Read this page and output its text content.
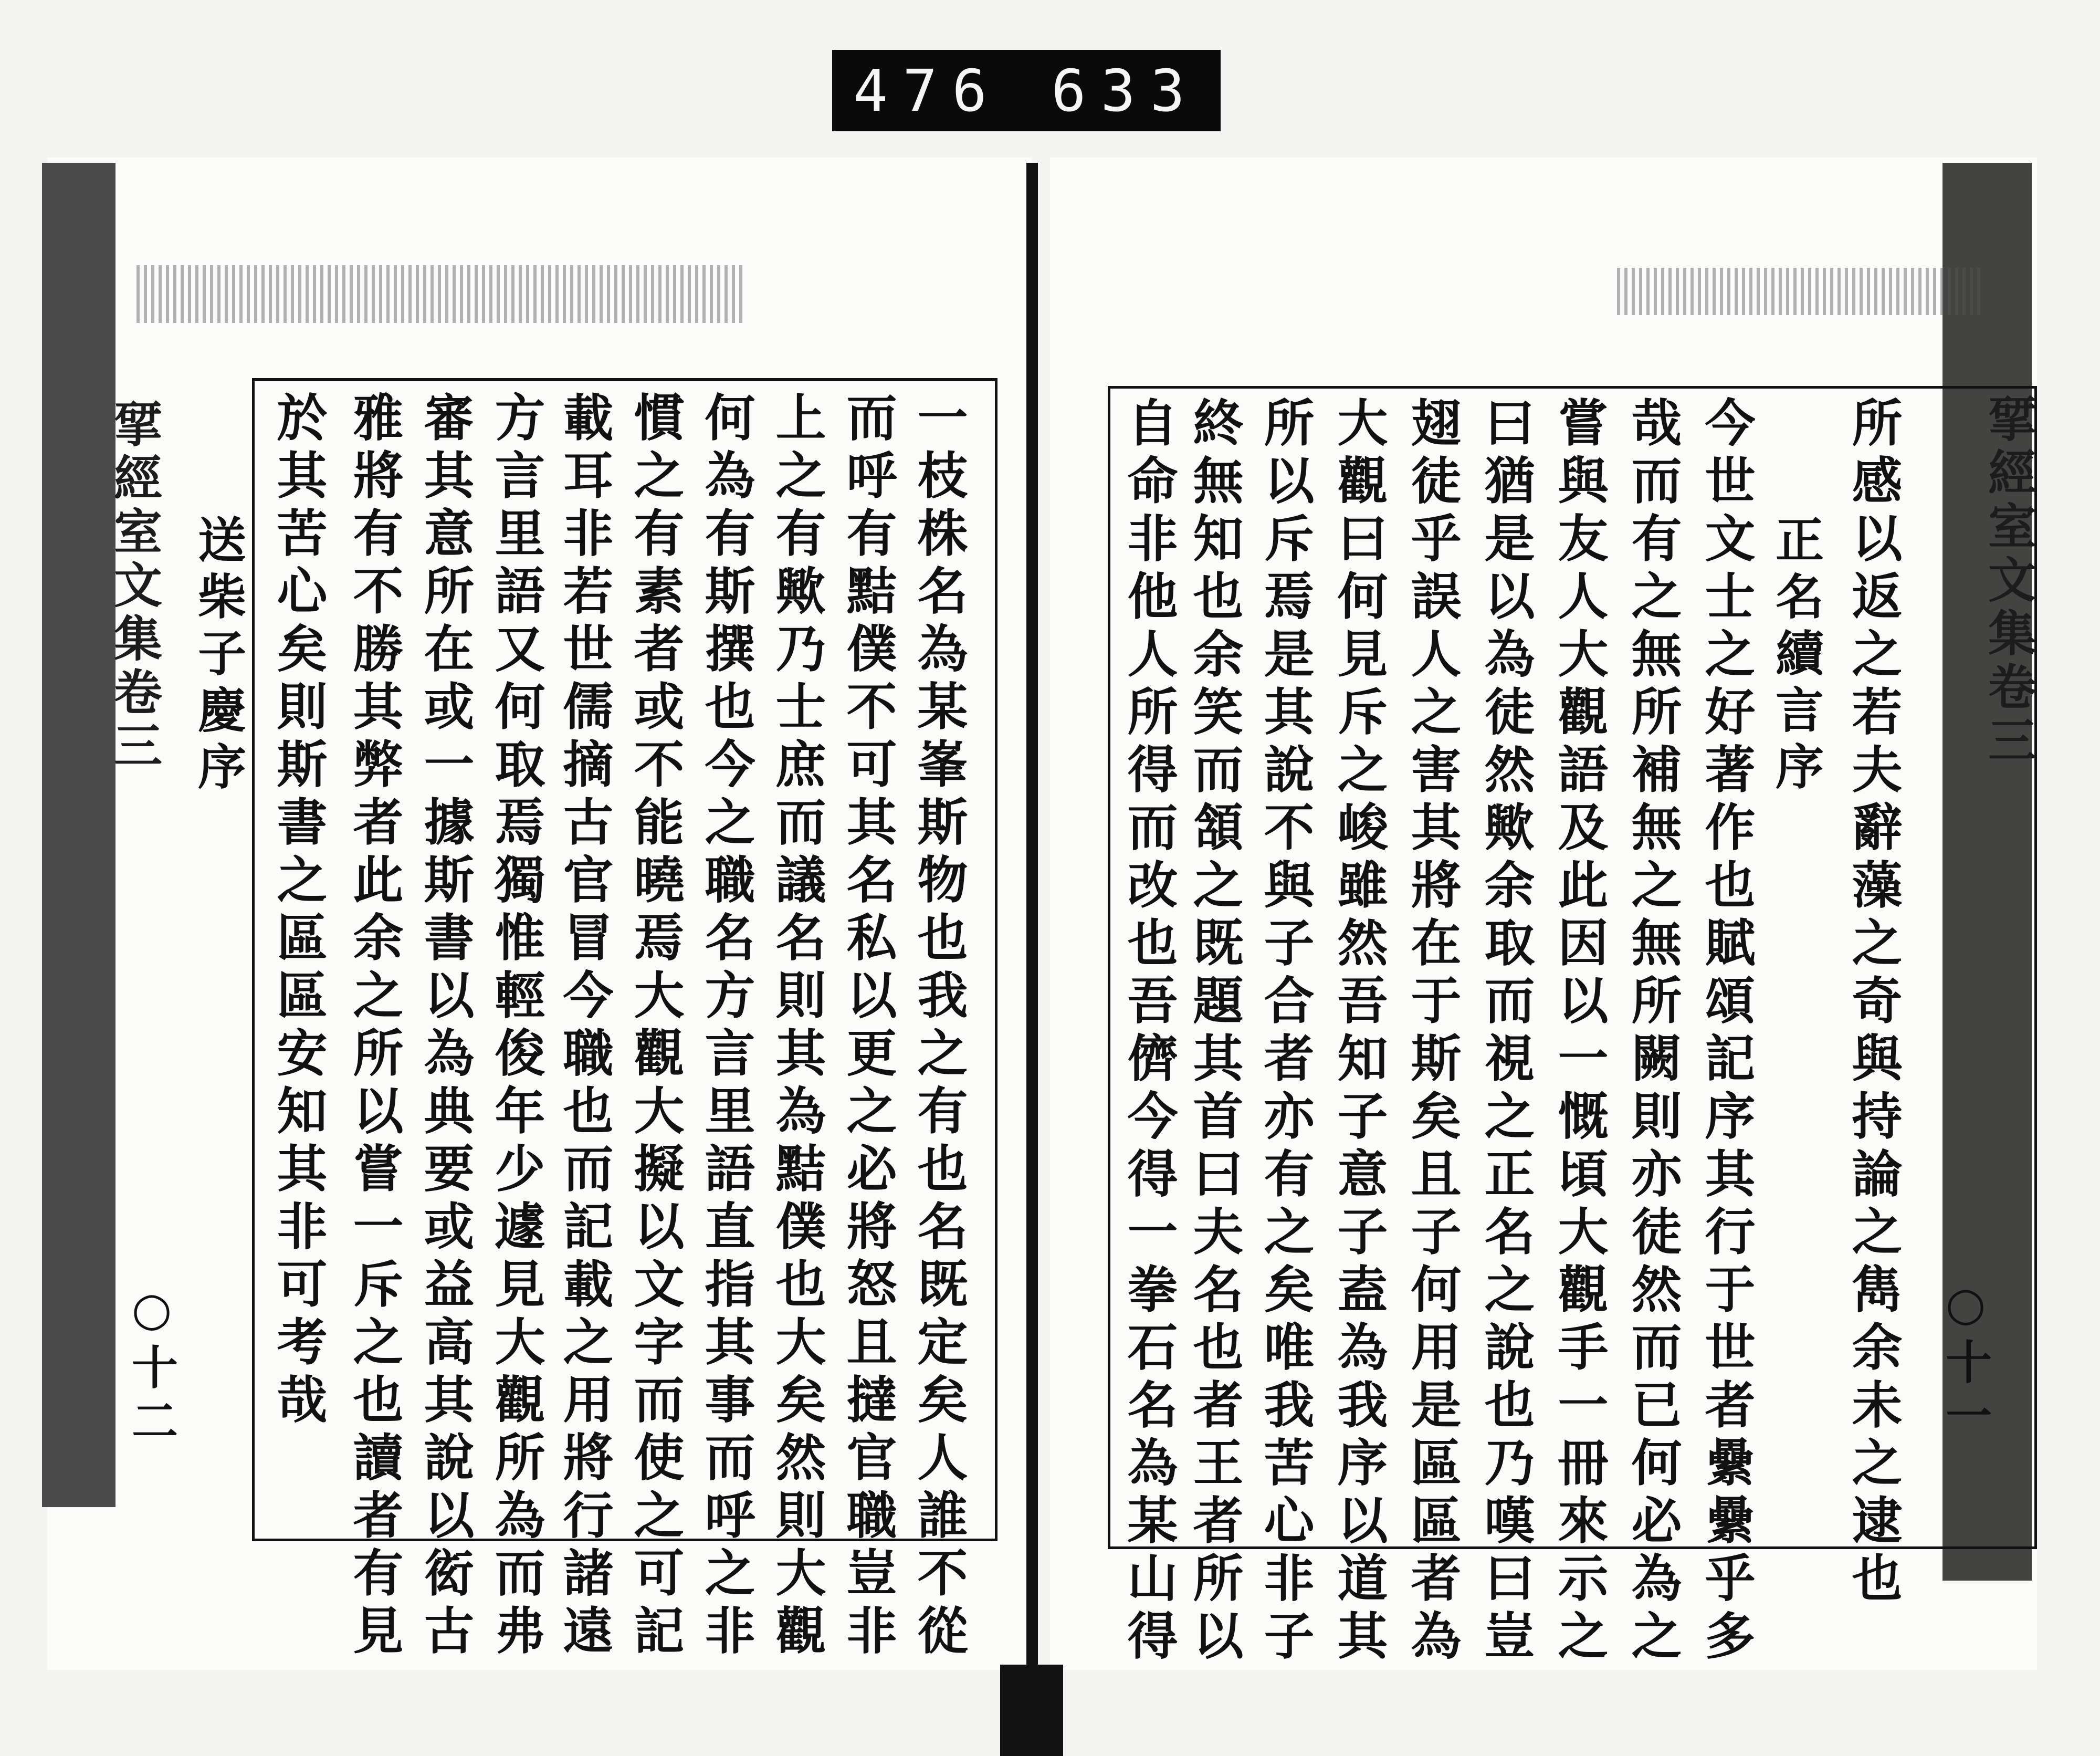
476 633
揅經室文集卷三
○十一
所感以返之若夫辭藻之奇與持論之雋余未之逮也
正名續言序
今世文士之好著作也賦頌記序其行于世者纍纍乎多
哉而有之無所補無之無所闕則亦徒然而已何必為之
嘗與友人大觀語及此因以一慨頃大觀手一冊來示之
曰猶是以為徒然歟余取而視之正名之說也乃嘆曰豈
翅徒乎誤人之害其將在于斯矣且子何用是區區者為
大觀曰何見斥之峻雖然吾知子意子盍為我序以道其
所以斥焉是其說不與子合者亦有之矣唯我苦心非子
終無知也余笑而頷之既題其首曰夫名也者王者所以
自命非他人所得而改也吾儕今得一拳石名為某山得
一枝株名為某峯斯物也我之有也名既定矣人誰不從
而呼有黠僕不可其名私以更之必將怒且撻官職豈非
上之有歟乃士庶而議名則其為黠僕也大矣然則大觀
何為有斯撰也今之職名方言里語直指其事而呼之非
慣之有素者或不能曉焉大觀大擬以文字而使之可記
載耳非若世儒摘古官冒今職也而記載之用將行諸遠
方言里語又何取焉獨惟輕俊年少遽見大觀所為而弗
審其意所在或一據斯書以為典要或益高其說以衒古
雅將有不勝其弊者此余之所以嘗一斥之也讀者有見
於其苦心矣則斯書之區區安知其非可考哉
送柴子慶序
揅經室文集卷三
○十二
